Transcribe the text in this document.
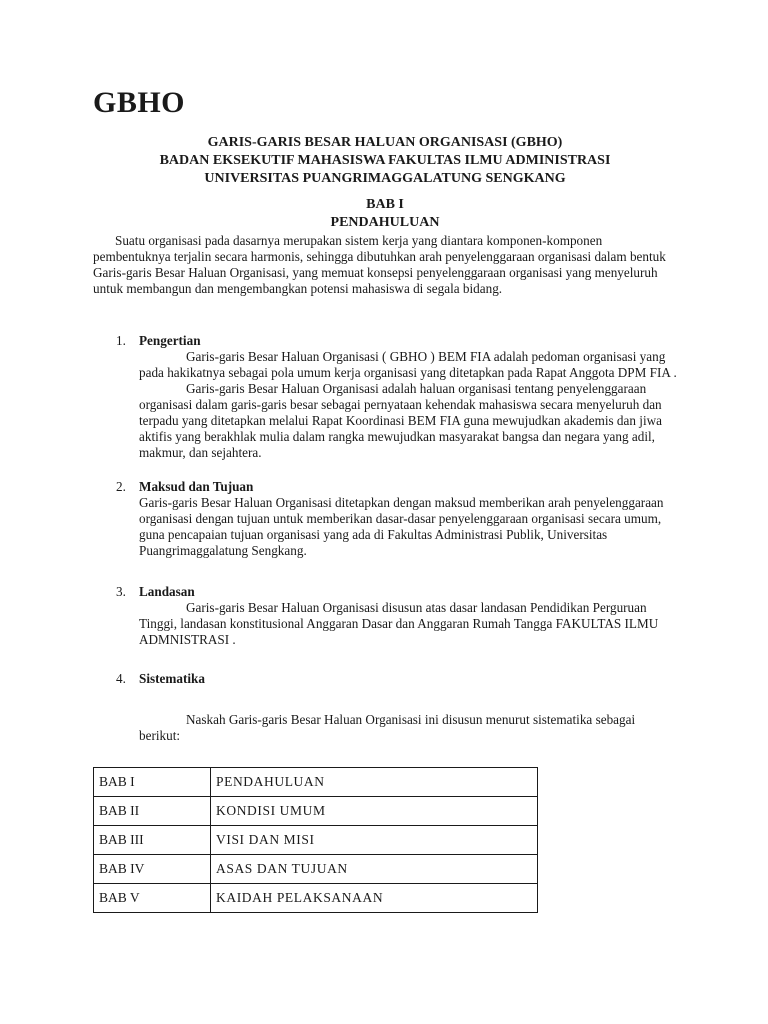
GBHO
GARIS-GARIS BESAR HALUAN ORGANISASI (GBHO)
BADAN EKSEKUTIF MAHASISWA FAKULTAS ILMU ADMINISTRASI
UNIVERSITAS PUANGRIMAGGALATUNG SENGKANG
BAB I
PENDAHULUAN

Suatu organisasi pada dasarnya merupakan sistem kerja yang diantara komponen-komponen pembentuknya terjalin secara harmonis, sehingga dibutuhkan arah penyelenggaraan organisasi dalam bentuk Garis-garis Besar Haluan Organisasi, yang memuat konsepsi penyelenggaraan organisasi yang menyeluruh untuk membangun dan mengembangkan potensi mahasiswa di segala bidang.

1. Pengertian

Garis-garis Besar Haluan Organisasi ( GBHO ) BEM FIA adalah pedoman organisasi yang pada hakikatnya sebagai pola umum kerja organisasi yang ditetapkan pada Rapat Anggota DPM FIA .

Garis-garis Besar Haluan Organisasi adalah haluan organisasi tentang penyelenggaraan organisasi dalam garis-garis besar sebagai pernyataan kehendak mahasiswa secara menyeluruh dan terpadu yang ditetapkan melalui Rapat Koordinasi BEM FIA guna mewujudkan akademis dan jiwa aktifis yang berakhlak mulia dalam rangka mewujudkan masyarakat bangsa dan negara yang adil, makmur, dan sejahtera.

2. Maksud dan Tujuan

Garis-garis Besar Haluan Organisasi ditetapkan dengan maksud memberikan arah penyelenggaraan organisasi dengan tujuan untuk memberikan dasar-dasar penyelenggaraan organisasi secara umum, guna pencapaian tujuan organisasi yang ada di Fakultas Administrasi Publik, Universitas Puangrimaggalatung Sengkang.

3. Landasan

Garis-garis Besar Haluan Organisasi disusun atas dasar landasan Pendidikan Perguruan Tinggi, landasan konstitusional Anggaran Dasar dan Anggaran Rumah Tangga FAKULTAS ILMU ADMNISTRASI .

4. Sistematika

Naskah Garis-garis Besar Haluan Organisasi ini disusun menurut sistematika sebagai berikut:

BAB I	PENDAHULUAN
BAB II	KONDISI UMUM
BAB III	VISI DAN MISI
BAB IV	ASAS DAN TUJUAN
BAB V	KAIDAH PELAKSANAAN
